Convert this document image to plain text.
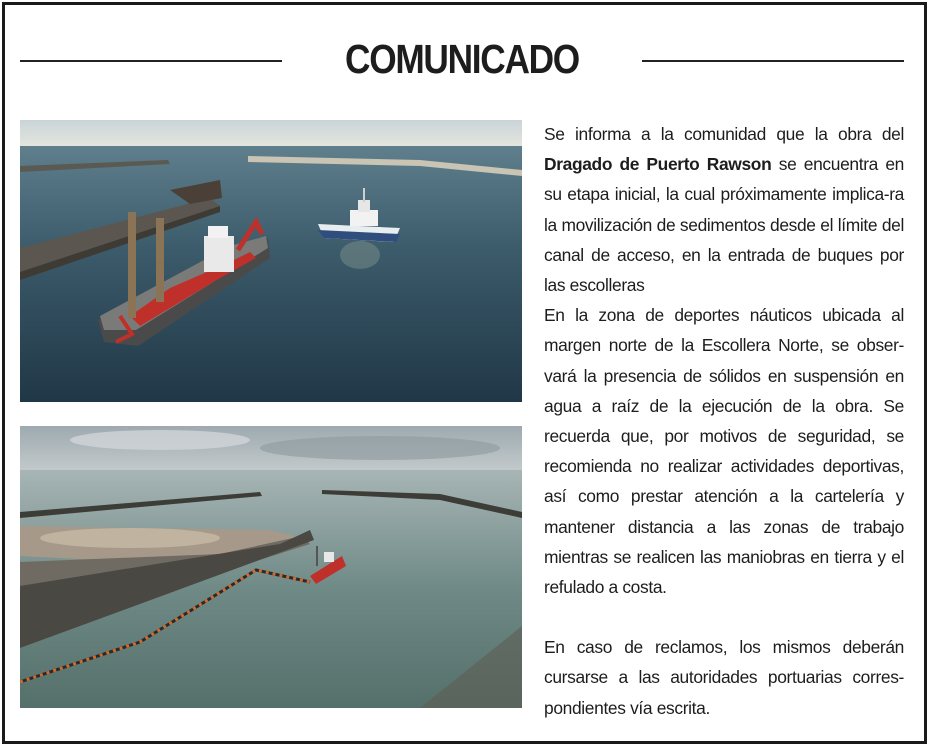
COMUNICADO

Se informa a la comunidad que la obra del Dragado de Puerto Rawson se encuentra en su etapa inicial, la cual próximamente implica-ra la movilización de sedimentos desde el límite del canal de acceso, en la entrada de buques por las escolleras

En la zona de deportes náuticos ubicada al margen norte de la Escollera Norte, se obser-vará la presencia de sólidos en suspensión en agua a raíz de la ejecución de la obra. Se recuerda que, por motivos de seguridad, se recomienda no realizar actividades deportivas, así como prestar atención a la cartelería y mantener distancia a las zonas de trabajo mientras se realicen las maniobras en tierra y el refulado a costa.

En caso de reclamos, los mismos deberán cursarse a las autoridades portuarias corres-pondientes vía escrita.
